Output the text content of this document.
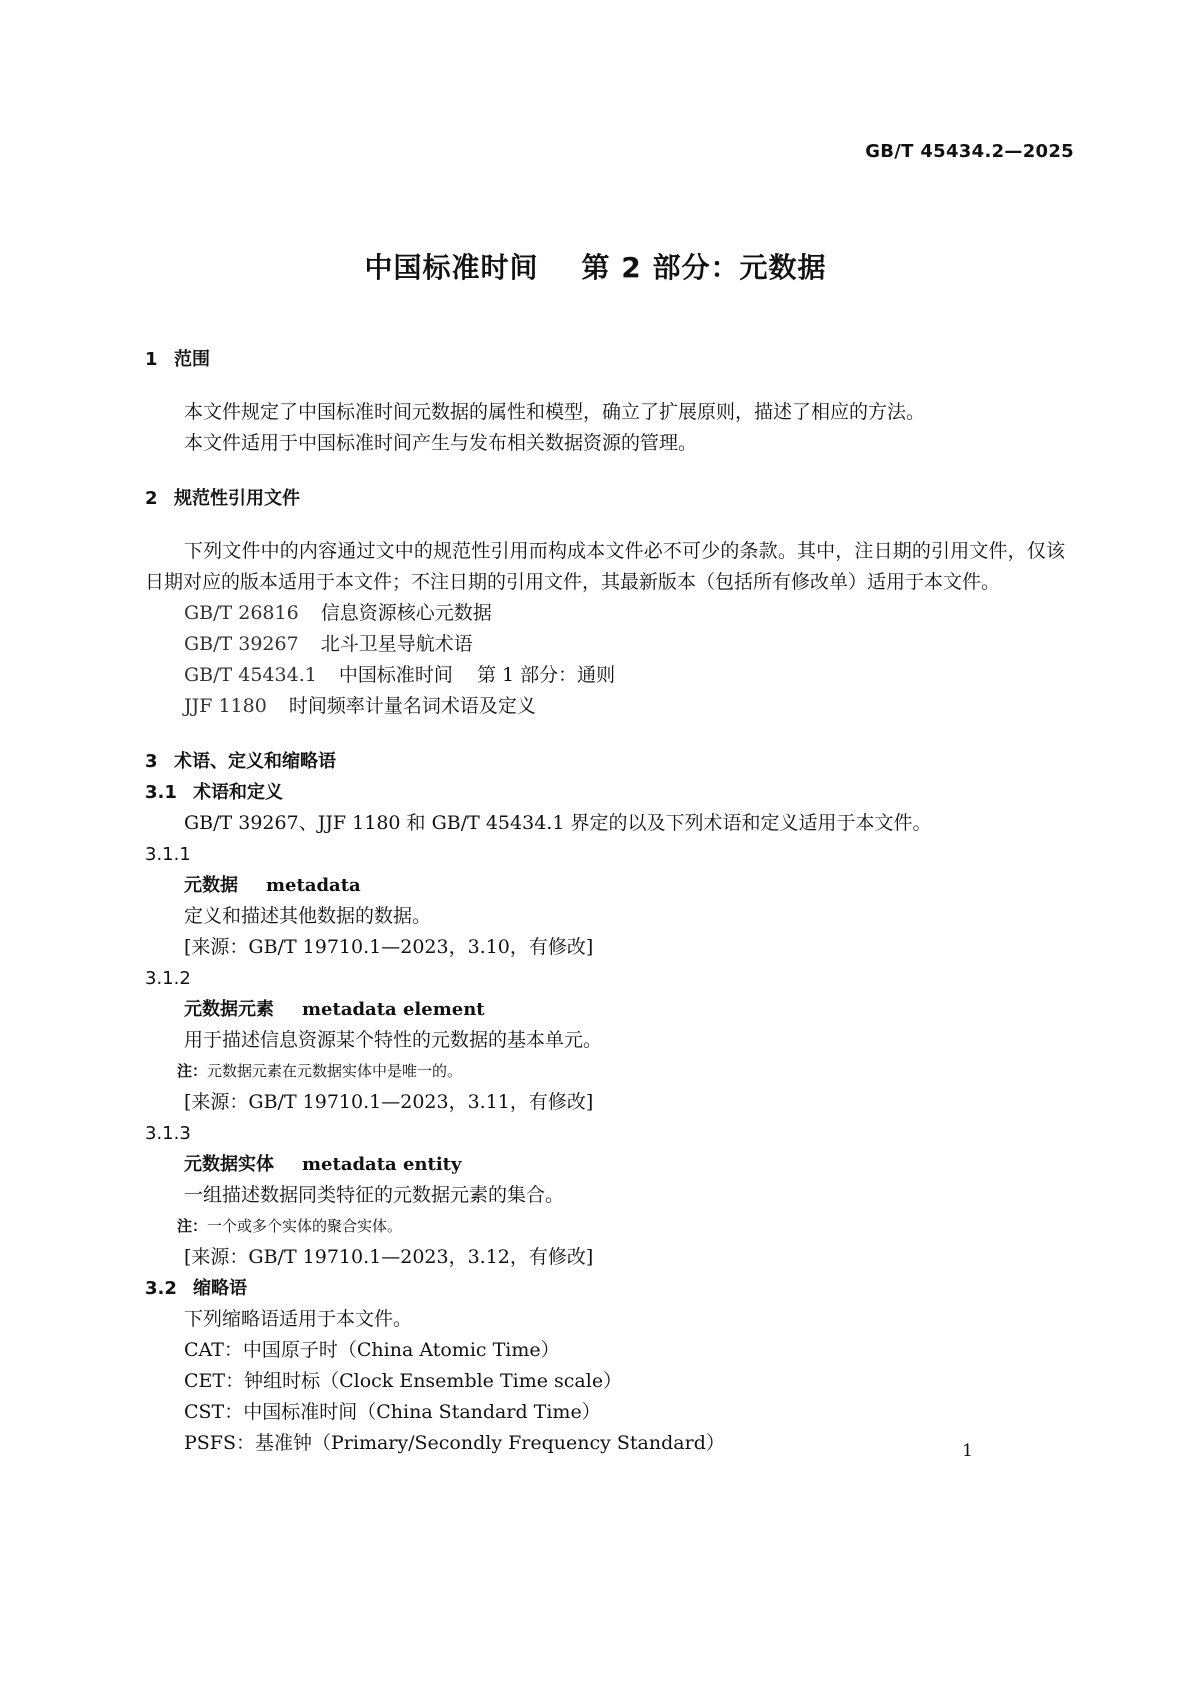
GB/T 45434.2—2025
中国标准时间    第 2 部分：元数据
1 范围
本文件规定了中国标准时间元数据的属性和模型，确立了扩展原则，描述了相应的方法。
本文件适用于中国标准时间产生与发布相关数据资源的管理。
2 规范性引用文件
下列文件中的内容通过文中的规范性引用而构成本文件必不可少的条款。其中，注日期的引用文件，仅该日期对应的版本适用于本文件；不注日期的引用文件，其最新版本（包括所有修改单）适用于本文件。
GB/T 26816 信息资源核心元数据
GB/T 39267 北斗卫星导航术语
GB/T 45434.1 中国标准时间    第 1 部分：通则
JJF 1180 时间频率计量名词术语及定义
3 术语、定义和缩略语
3.1 术语和定义
GB/T 39267、JJF 1180 和 GB/T 45434.1 界定的以及下列术语和定义适用于本文件。
3.1.1
元数据 metadata
定义和描述其他数据的数据。
[来源：GB/T 19710.1—2023，3.10，有修改]
3.1.2
元数据元素 metadata element
用于描述信息资源某个特性的元数据的基本单元。
注：元数据元素在元数据实体中是唯一的。
[来源：GB/T 19710.1—2023，3.11，有修改]
3.1.3
元数据实体 metadata entity
一组描述数据同类特征的元数据元素的集合。
注：一个或多个实体的聚合实体。
[来源：GB/T 19710.1—2023，3.12，有修改]
3.2 缩略语
下列缩略语适用于本文件。
CAT：中国原子时（China Atomic Time）
CET：钟组时标（Clock Ensemble Time scale）
CST：中国标准时间（China Standard Time）
PSFS：基准钟（Primary/Secondly Frequency Standard）	1
